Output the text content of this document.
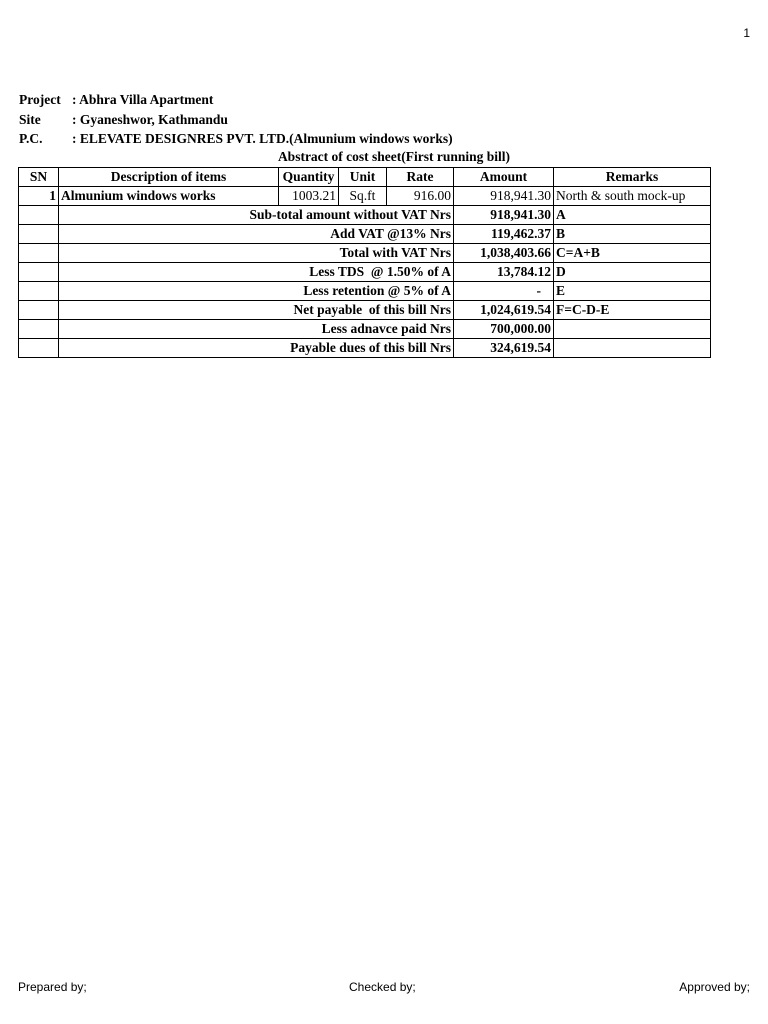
1
Project : Abhra Villa Apartment
Site	: Gyaneshwor, Kathmandu
P.C.	: ELEVATE DESIGNRES PVT. LTD.(Almunium windows works)
Abstract of cost sheet(First running bill)
SN	Description of items	Quantity	Unit	Rate	Amount	Remarks
1	Almunium windows works	1003.21	Sq.ft	916.00	918,941.30	North & south mock-up
	Sub-total amount without VAT Nrs				918,941.30	A
	Add VAT @13% Nrs				119,462.37	B
	Total with VAT Nrs				1,038,403.66	C=A+B
	Less TDS  @ 1.50% of A				13,784.12	D
	Less retention @ 5% of A				-	E
	Net payable  of this bill Nrs				1,024,619.54	F=C-D-E
	Less adnavce paid Nrs				700,000.00	
	Payable dues of this bill Nrs				324,619.54	
Prepared by;	Checked by;	Approved by;
